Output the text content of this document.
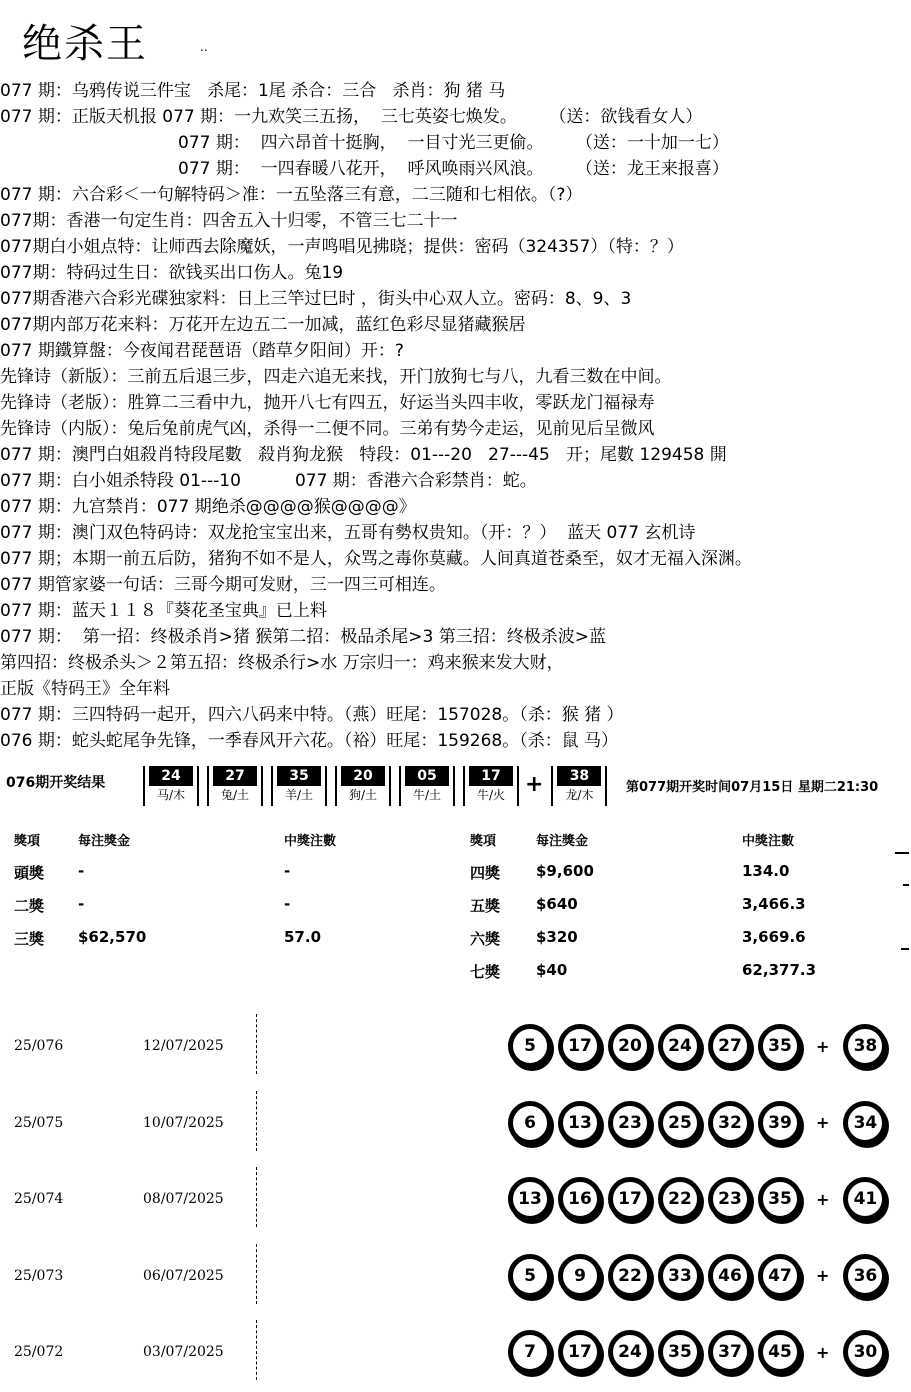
绝杀王	..
077 期：乌鸦传说三件宝   杀尾：1尾 杀合：三合   杀肖：狗 猪 马
077 期：正版天机报 077 期：一九欢笑三五扬，  三七英姿七焕发。      （送：欲钱看女人）
077 期：  四六昂首十挺胸，  一目寸光三更偷。      （送：一十加一七）
077 期：  一四春暖八花开，  呼风唤雨兴风浪。      （送：龙王来报喜）
077 期：六合彩＜一句解特码＞准：一五坠落三有意，二三随和七相依。（?）
077期：香港一句定生肖：四舍五入十归零，不管三七二十一
077期白小姐点特：让师西去除魔妖，一声鸣唱见拂晓；提供：密码（324357）（特：？）
077期：特码过生日：欲钱买出口伤人。兔19
077期香港六合彩光碟独家料：日上三竿过巳时 ，街头中心双人立。密码：8、9、3
077期内部万花来料：万花开左边五二一加减，蓝红色彩尽显猪藏猴居
077 期鐵算盤：今夜闻君琵琶语（踏草夕阳间）开：?
先锋诗（新版）：三前五后退三步，四走六追无来找，开门放狗七与八，九看三数在中间。
先锋诗（老版）：胜算二三看中九，抛开八七有四五，好运当头四丰收，零跃龙门福禄寿
先锋诗（内版）：兔后兔前虎气凶，杀得一二便不同。三弟有势今走运，见前见后呈微风
077 期：澳門白姐殺肖特段尾數   殺肖狗龙猴   特段：01---20   27---45   开；尾數 129458 開
077 期：白小姐杀特段 01---10          077 期：香港六合彩禁肖：蛇。
077 期：九宫禁肖：077 期绝杀@@@@猴@@@@》
077 期：澳门双色特码诗：双龙抢宝宝出来，五哥有勢权贵知。（开：？）  蓝天 077 玄机诗
077 期；本期一前五后防，猪狗不如不是人，众骂之毒你莫藏。人间真道苍桑至，奴才无福入深渊。
077 期管家婆一句话：三哥今期可发财，三一四三可相连。
077 期：蓝天１１８『葵花圣宝典』已上料
077 期：  第一招：终极杀肖>猪 猴第二招：极品杀尾>3 第三招：终极杀波>蓝
第四招：终极杀头＞２第五招：终极杀行>水 万宗归一：鸡来猴来发大财，
正版《特码王》全年料
077 期：三四特码一起开，四六八码来中特。（燕）旺尾：157028。（杀：猴 猪 ）
076 期：蛇头蛇尾争先锋，一季春风开六花。（裕）旺尾：159268。（杀：鼠 马）
076期开奖结果	24
马/木
27
兔/土
35
羊/土
20
狗/土
05
牛/土
17
牛/火 +	38
龙/木	第077期开奖时间07月15日 星期二21:30
獎項	每注獎金	中獎注數	獎項	每注獎金	中獎注數
頭獎 -	-
二獎 -	-
三獎 $62,570	57.0
四獎 $9,600	134.0
五獎 $640	3,466.3
六獎 $320	3,669.6
七獎 $40	62,377.3
25/076	12/07/2025	5	17	20	24	27	35	+	38
25/075	10/07/2025	6	13	23	25	32	39	+	34
25/074	08/07/2025	13	16	17	22	23	35	+	41
25/073	06/07/2025	5	9	22	33	46	47	+	36
25/072	03/07/2025	7	17	24	35	37	45	+	30
